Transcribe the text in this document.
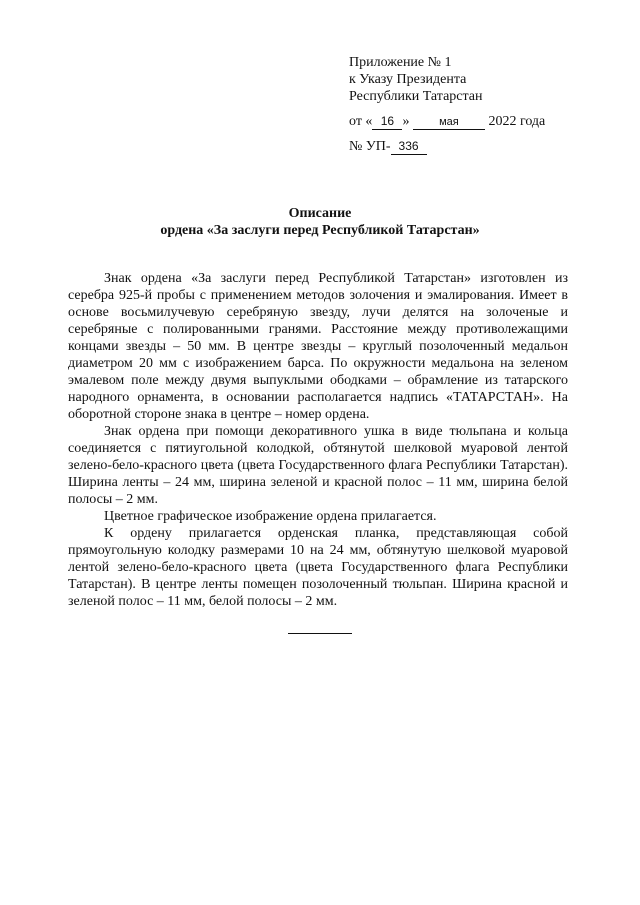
Приложение № 1
к Указу Президента
Республики Татарстан
от « 16 »	мая 2022 года
№ УП- 336
Описание
ордена «За заслуги перед Республикой Татарстан»

Знак ордена «За заслуги перед Республикой Татарстан» изготовлен из серебра 925-й пробы с применением методов золочения и эмалирования. Имеет в основе восьмилучевую серебряную звезду, лучи делятся на золоченые и серебряные с полированными гранями. Расстояние между противолежащими концами звезды – 50 мм. В центре звезды – круглый позолоченный медальон диаметром 20 мм с изображением барса. По окружности медальона на зеленом эмалевом поле между двумя выпуклыми ободками – обрамление из татарского народного орнамента, в основании располагается надпись «ТАТАРСТАН». На оборотной стороне знака в центре – номер ордена.

Знак ордена при помощи декоративного ушка в виде тюльпана и кольца соединяется с пятиугольной колодкой, обтянутой шелковой муаровой лентой зелено-бело-красного цвета (цвета Государственного флага Республики Татарстан). Ширина ленты – 24 мм, ширина зеленой и красной полос – 11 мм, ширина белой полосы – 2 мм.

Цветное графическое изображение ордена прилагается.

К ордену прилагается орденская планка, представляющая собой прямоугольную колодку размерами 10 на 24 мм, обтянутую шелковой муаровой лентой зелено-бело-красного цвета (цвета Государственного флага Республики Татарстан). В центре ленты помещен позолоченный тюльпан. Ширина красной и зеленой полос – 11 мм, белой полосы – 2 мм.
